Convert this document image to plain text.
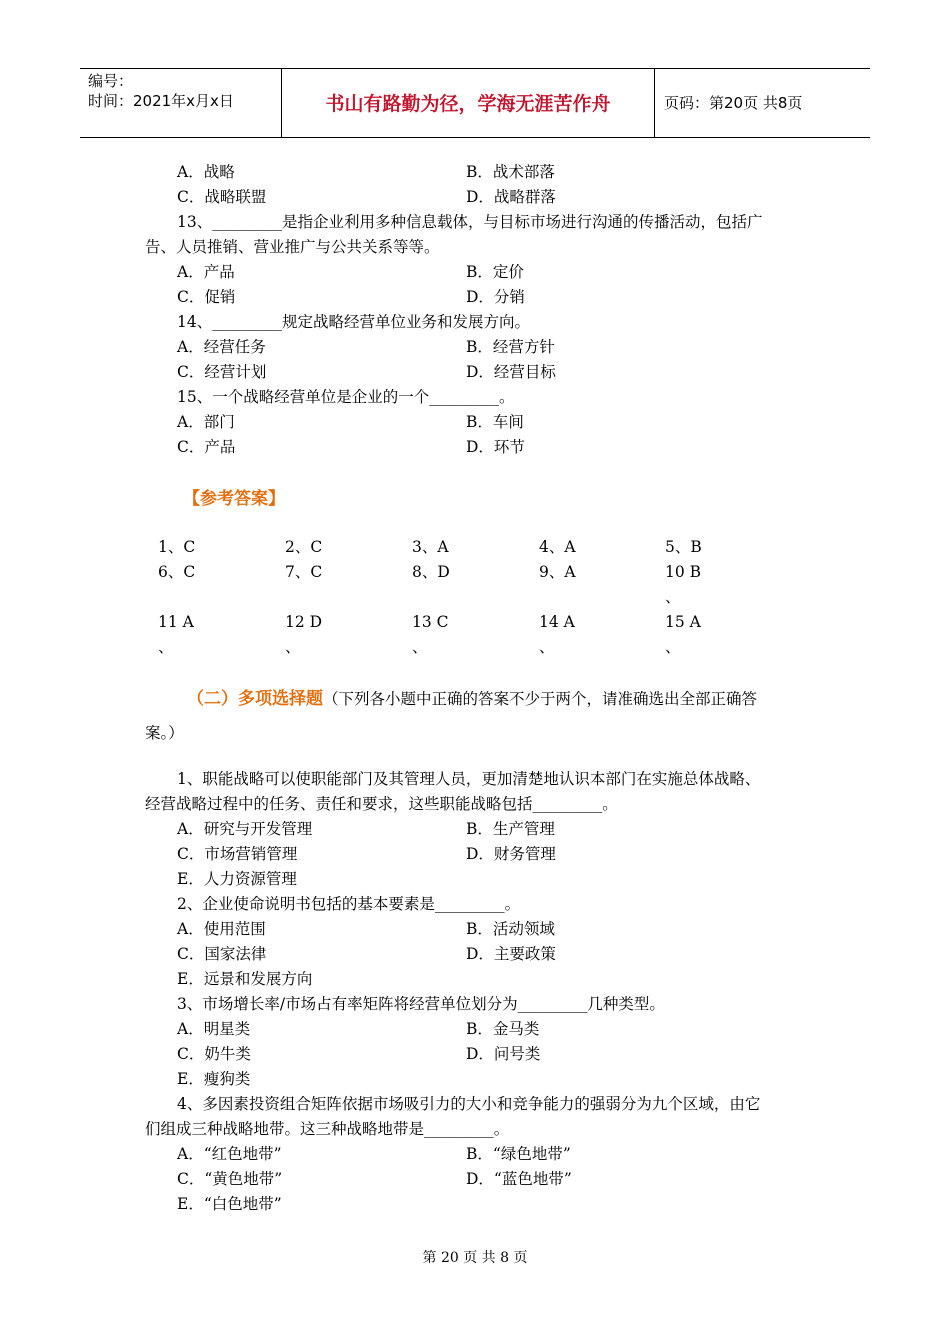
编号：
时间：2021年x月x日	书山有路勤为径，学海无涯苦作舟	页码：第20页 共8页
A．战略	B．战术部落
C．战略联盟	D．战略群落
13、_________是指企业利用多种信息载体，与目标市场进行沟通的传播活动，包括广
告、人员推销、营业推广与公共关系等等。
A．产品	B．定价
C．促销	D．分销
14、_________规定战略经营单位业务和发展方向。
A．经营任务	B．经营方针
C．经营计划	D．经营目标
15、一个战略经营单位是企业的一个_________。
A．部门	B．车间
C．产品	D．环节
【参考答案】
1、C	2、C	3、A	4、A	5、B
6、C	7、C	8、D	9、A	10 B
、
11 A	12 D	13 C	14 A	15 A
、	、	、	、	、
（二）多项选择题（下列各小题中正确的答案不少于两个，请准确选出全部正确答
案。）
1、职能战略可以使职能部门及其管理人员，更加清楚地认识本部门在实施总体战略、
经营战略过程中的任务、责任和要求，这些职能战略包括_________。
A．研究与开发管理	B．生产管理
C．市场营销管理	D．财务管理
E．人力资源管理
2、企业使命说明书包括的基本要素是_________。
A．使用范围	B．活动领域
C．国家法律	D．主要政策
E．远景和发展方向
3、市场增长率/市场占有率矩阵将经营单位划分为_________几种类型。
A．明星类	B．金马类
C．奶牛类	D．问号类
E．瘦狗类
4、多因素投资组合矩阵依据市场吸引力的大小和竞争能力的强弱分为九个区域，由它
们组成三种战略地带。这三种战略地带是_________。
A．“红色地带”	B．“绿色地带”
C．“黄色地带”	D．“蓝色地带”
E．“白色地带”
第 20 页 共 8 页
